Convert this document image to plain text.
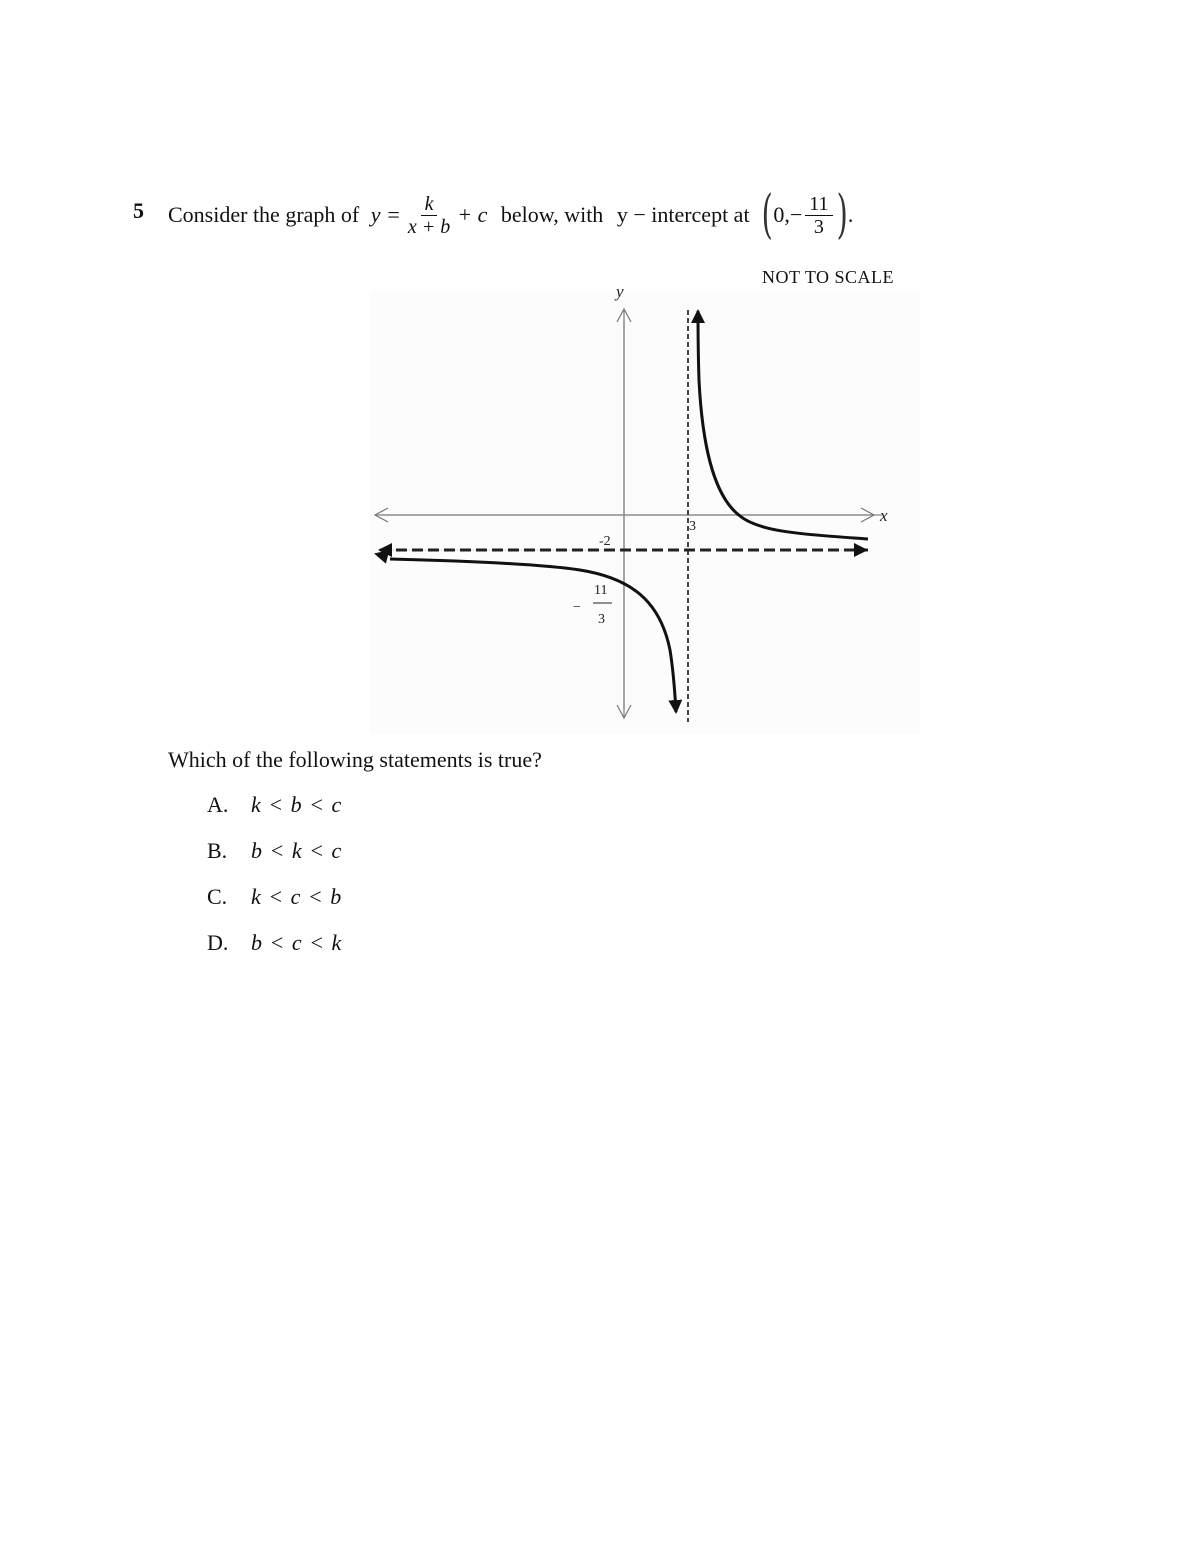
5 Consider the graph of
$y = \frac{k}{x + b} + c$
below, with
y − intercept at
( 0, − $\frac{11}{3}$ ) .
NOT TO SCALE
x
y
-2
3
−
11
3
Which of the following statements is true?
A.	k < b < c
B.	b < k < c
C.	k < c < b
D.	b < c < k
